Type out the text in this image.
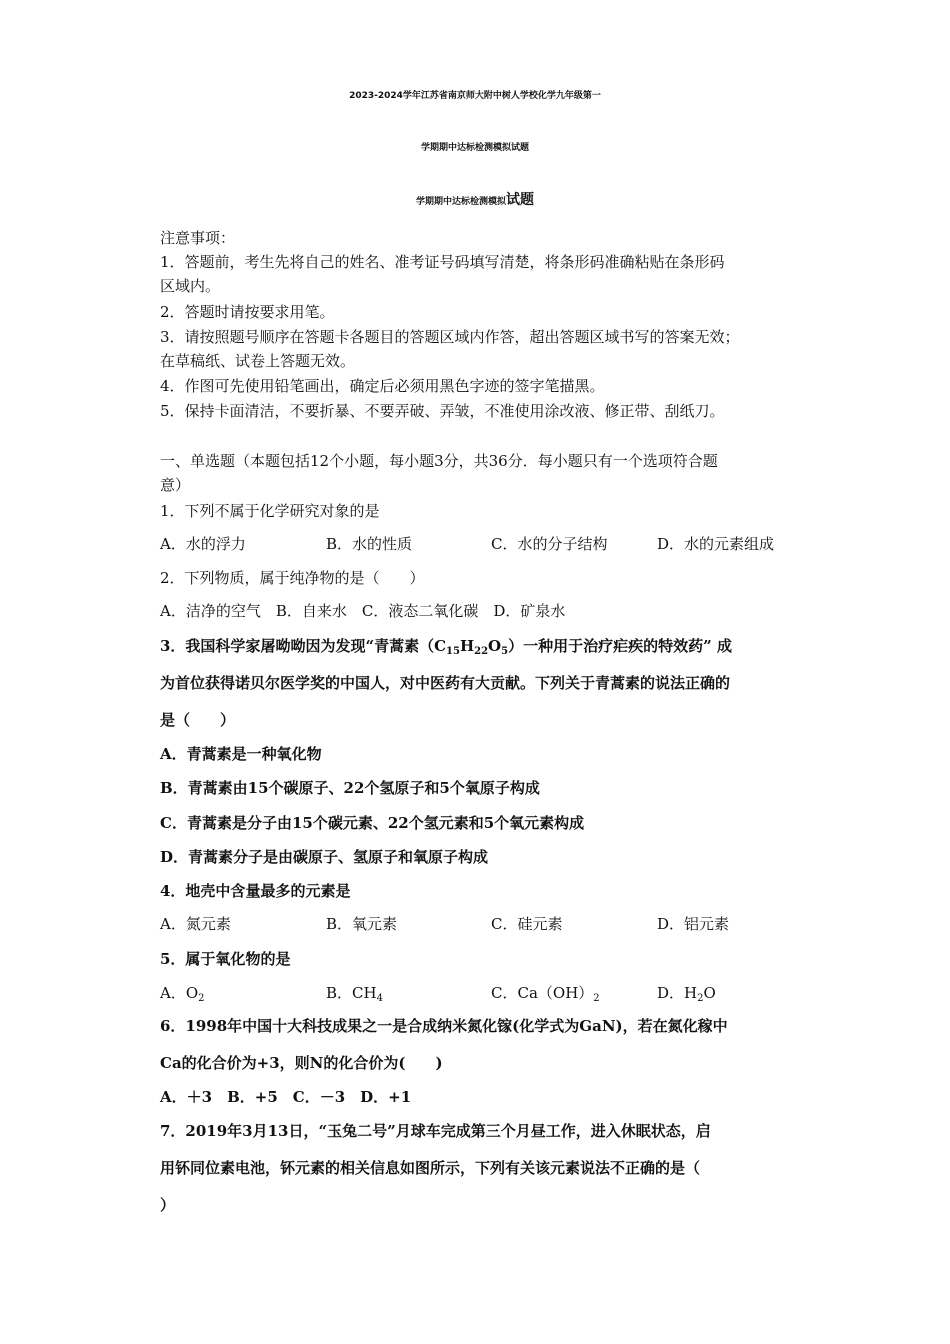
2023-2024学年江苏省南京师大附中树人学校化学九年级第一
学期期中达标检测模拟试题
学期期中达标检测模拟试题
注意事项：
1．答题前，考生先将自己的姓名、准考证号码填写清楚，将条形码准确粘贴在条形码
区域内。
2．答题时请按要求用笔。
3．请按照题号顺序在答题卡各题目的答题区域内作答，超出答题区域书写的答案无效；
在草稿纸、试卷上答题无效。
4．作图可先使用铅笔画出，确定后必须用黑色字迹的签字笔描黑。
5．保持卡面清洁，不要折暴、不要弄破、弄皱，不准使用涂改液、修正带、刮纸刀。
一、单选题（本题包括12个小题，每小题3分，共36分．每小题只有一个选项符合题
意）
1．下列不属于化学研究对象的是
A．水的浮力	B．水的性质	C．水的分子结构	D．水的元素组成
2．下列物质，属于纯净物的是（　　）
A．洁净的空气　B．自来水　C．液态二氧化碳　D．矿泉水
3．我国科学家屠呦呦因为发现“青蒿素$(C_{15}H_{22}O_5)$一种用于治疗疟疾的特效药” 成
为首位获得诺贝尔医学奖的中国人，对中医药有大贡献。下列关于青蒿素的说法正确的
是（　　）
A．青蒿素是一种氧化物
B．青蒿素由15个碳原子、22个氢原子和5个氧原子构成
C．青蒿素是分子由15个碳元素、22个氢元素和5个氧元素构成
D．青蒿素分子是由碳原子、氢原子和氧原子构成
4．地壳中含量最多的元素是
A．氮元素	B．氧元素	C．硅元素	D．铝元素
5．属于氧化物的是
A．$O_2$	B．$CH_4$	C．$Ca(OH)_2$	D．$H_2O$
6．1998年中国十大科技成果之一是合成纳米氮化镓(化学式为GaN)，若在氮化稼中
Ca的化合价为+3，则N的化合价为(　　)
A．＋3　B．+5　C．－3　D．+1
7．2019年3月13日，“玉兔二号”月球车完成第三个月昼工作，进入休眠状态，启
用钚同位素电池，钚元素的相关信息如图所示，下列有关该元素说法不正确的是（
）
